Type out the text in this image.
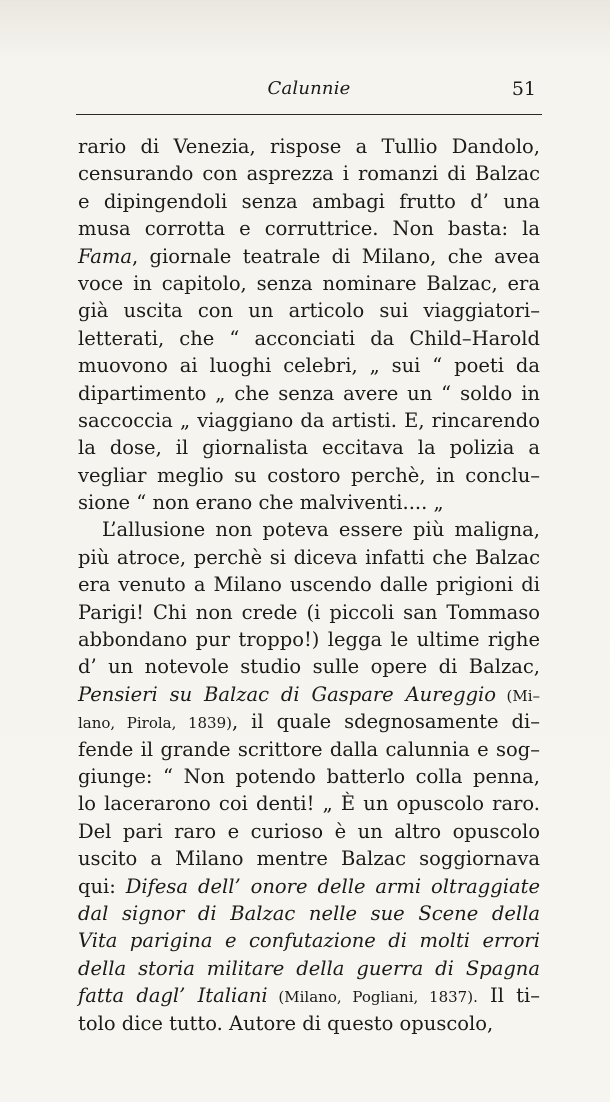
Calunnie	51
rario di Venezia, rispose a Tullio Dandolo,
censurando con asprezza i romanzi di Balzac
e dipingendoli senza ambagi frutto d’ una
musa corrotta e corruttrice. Non basta: la
Fama, giornale teatrale di Milano, che avea
voce in capitolo, senza nominare Balzac, era
già uscita con un articolo sui viaggiatori–
letterati, che “ acconciati da Child–Harold
muovono ai luoghi celebri, „ sui “ poeti da
dipartimento „ che senza avere un “ soldo in
saccoccia „ viaggiano da artisti. E, rincarendo
la dose, il giornalista eccitava la polizia a
vegliar meglio su costoro perchè, in conclu–
sione “ non erano che malviventi.... „
L’allusione non poteva essere più maligna,
più atroce, perchè si diceva infatti che Balzac
era venuto a Milano uscendo dalle prigioni di
Parigi! Chi non crede (i piccoli san Tommaso
abbondano pur troppo!) legga le ultime righe
d’ un notevole studio sulle opere di Balzac,
Pensieri su Balzac di Gaspare Aureggio (Mi–
lano, Pirola, 1839), il quale sdegnosamente di–
fende il grande scrittore dalla calunnia e sog–
giunge: “ Non potendo batterlo colla penna,
lo lacerarono coi denti! „ È un opuscolo raro.
Del pari raro e curioso è un altro opuscolo
uscito a Milano mentre Balzac soggiornava
qui: Difesa dell’ onore delle armi oltraggiate
dal signor di Balzac nelle sue Scene della
Vita parigina e confutazione di molti errori
della storia militare della guerra di Spagna
fatta dagl’ Italiani (Milano, Pogliani, 1837). Il ti–
tolo dice tutto. Autore di questo opuscolo,
